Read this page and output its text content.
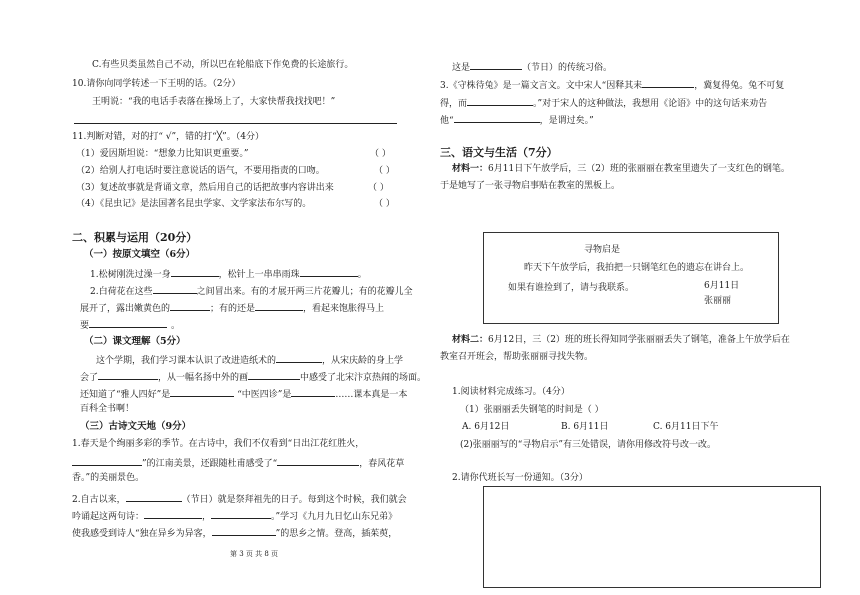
C.有些贝类虽然自己不动，所以巴在轮船底下作免费的长途旅行。
10.请你向同学转述一下王明的话。（2分）
王明说：“我的电话手表落在操场上了，大家快帮我找找吧！”
11.判断对错，对的打“ √”，错的打“╳”。（4分）
（1）爱因斯坦说：“想象力比知识更重要。”	（ ）
（2）给别人打电话时要注意说话的语气，不要用指责的口吻。	（ ）
（3）复述故事就是背诵文章，然后用自己的话把故事内容讲出来	（ ）
（4）《昆虫记》是法国著名昆虫学家、文学家法布尔写的。	（ ）
二、积累与运用（20分）
（一）按原文填空（6分）
1.松树刚洗过澡一身	，松针上一串串雨珠	。
2.白荷花在这些	之间冒出来。有的才展开两三片花瓣儿；有的花瓣儿全
展开了，露出嫩黄色的	；有的还是	，看起来饱胀得马上
要	。
（二）课文理解（5分）
这个学期，我们学习课本认识了改进造纸术的	，从宋庆龄的身上学
会了	，从一幅名扬中外的画	中感受了北宋汴京热闹的场面。
还知道了“雅人四好”是	“中医四诊”是	……课本真是一本
百科全书啊！
（三）古诗文天地（9分）
1.春天是个绚丽多彩的季节。在古诗中，我们不仅看到“日出江花红胜火，
”的江南美景，还跟随杜甫感受了“	，春风花草
香。”的美丽景色。
2.自古以来，	（节日）就是祭拜祖先的日子。每到这个时候，我们就会
吟诵起这两句诗：	，	。”学习《九月九日忆山东兄弟》
使我感受到诗人“独在异乡为异客，	”的思乡之情。登高，插茱萸，
第 3 页 共 8 页
这是	（节日）的传统习俗。
3.《守株待兔》是一篇文言文。文中宋人“因释其耒	，冀复得兔。兔不可复
得，而	。”对于宋人的这种做法，我想用《论语》中的这句话来劝告
他“	，是谓过矣。”
三、语文与生活（7分）
材料一：6月11日下午放学后，三（2）班的张丽丽在教室里遗失了一支红色的钢笔。
于是她写了一张寻物启事贴在教室的黑板上。
寻物启是
昨天下午放学后，我拍把一只钢笔红色的遗忘在讲台上。
如果有谁捡到了，请与我联系。	6月11日
张丽丽
材料二：6月12日，三（2）班的班长得知同学张丽丽丢失了钢笔，准备上午放学后在
教室召开班会，帮助张丽丽寻找失物。
1.阅读材料完成练习。（4分）
（1）张丽丽丢失钢笔的时间是（ ）
A. 6月12日	B. 6月11日	C. 6月11日下午
(2)张丽丽写的“寻物启示”有三处错误，请你用修改符号改一改。
2.请你代班长写一份通知。（3分）
